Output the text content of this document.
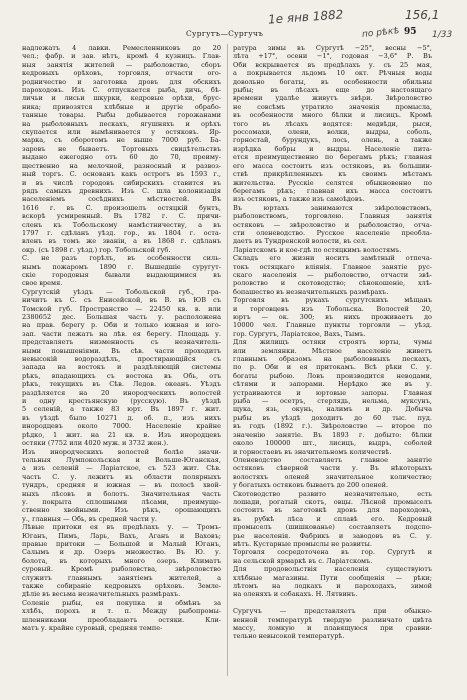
1е янв 1882	156,1
по рѣкѣ	1/33
Сургутъ—Сургучъ	95
надлежатъ 4 лавки. Ремесленниковъ до 20
чел.; фабр. и зав. нѣтъ, кромѣ 4 кузницъ. Глав-
ныя занятія жителей — рыболовство, сборъ
кедровыхъ орѣховъ, торговля, отчасти ого-
родничество и заготовка дровъ для обскихъ
пароходовъ. Изъ С. отпускается рыба, дичь, бѣ-
личьи и лисьи шкурки, кедровые орѣхи, брус-
ника; привозятся хлѣбные и другіе обрабо-
танные товары. Рыбы добывается горожанами
на рыболовныхъ пескахъ, ягушняхъ и орѣхъ
скупается или вымѣнивается у остяковъ. Яр-
марка, съ оборотомъ не выше 7000 руб. Ба-
заровъ не бываетъ. Торговыхъ свидѣтельствъ
выдано ежегодно отъ 60 до 70, преиму-
щественно на мелочной, разносный и развоз-
ный торгъ. С. основанъ какъ острогъ въ 1593 г.,
и въ числѣ городовъ сибирскихъ ставится въ
рядъ самыхъ древнихъ. Изъ С. шла колонизація
населеніемъ сосѣднихъ мѣстностей. Въ
1616 г. въ С. произошелъ остяцкій бунтъ,
вскорѣ усмиренный. Въ 1782 г. С. причи-
сленъ къ Тобольскому намѣстничеству, а въ
1797 г. сдѣланъ уѣзд. гор., въ 1804 г. оста-
вленъ въ томъ же званіи, а въ 1868 г. сдѣланъ
окр. (съ 1898 г. уѣзд.) гор. Тобольской губ.
С. не разъ горѣлъ, въ особенности силь-
нымъ пожаромъ 1890 г. Вышедшіе суругут-
скіе городовыя бывали выдающимися въ
свое время.
Сургутскій уѣздъ — Тобольской губ., гра-
ничитъ къ С. съ Енисейской, въ В. въ ЮВ съ
Томской губ. Пространство — 22450 кв. в. или
2380652 дес. Большая часть у. расположена
на прав. берегу р. Оби и только южная и юго-
зап. части лежатъ на лѣв. ея берегу. Площадь у.
представляетъ низменность съ незначитель-
ными повышеніями. Въ сѣв. части проходитъ
невысокій водораздѣлъ, простирающійся съ
запада на востокъ и раздѣляющій системы
рѣкъ, впадающихъ съ востока въ Обь, отъ
рѣкъ, текущихъ въ Сѣв. Ледов. океанъ. Уѣздъ
раздѣляется на 20 инородческихъ волостей
и одну крестьянскую (русскую). Въ уѣздѣ
5 селеній, а также 83 юрт. Въ 1897 г. жит.
въ уѣздѣ было 10271 д. об. п., изъ нихъ
инородцевъ около 7000. Населеніе крайне
рѣдко, 1 жит. на 21 кв. в. Изъ инородцевъ
остяки (7752 или 4020 муж. и 3732 жен.).
Изъ инородческихъ волостей болѣе значи-
тельныя Лумпокольская и Вольше-Юганская,
а изъ селеній — Ларіатское, съ 523 жит. Сѣв.
часть С. у. лежитъ въ области полярныхъ
тундръ, средняя и южная — въ полосѣ хвой-
ныхъ лѣсовъ и болотъ. Значительная часть
у. покрыта сплошными лѣсами, преимуще-
ственно хвойными. Изъ рѣкъ, орошающихъ
у., главныя — Обь, въ средней части у.
Лѣвые притоки ея въ предѣлахъ у. — Тромъ-
Юганъ, Пимъ, Ларь, Вахъ, Аганъ и Ваховъ;
правые притоки — Большой и Малый Юганъ,
Салымъ и др. Озеръ множество. Въ Ю. у.
болота, въ которыхъ много озеръ. Климатъ
суровый. Кромѣ рыболовства, звѣроловство
служитъ главнымъ занятіемъ жителей, а
также собираніе кедровыхъ орѣховъ. Земле-
дѣліе въ весьма незначительныхъ размѣрахъ.
Соленіе рыбы, ея покупка и обмѣнъ за
хлѣбъ, порохъ и т. п. Между рыбопромы-
шленниками преобладаютъ остяки. Кли-
матъ у. крайне суровый, средняя темпе-
ратура зимы въ Сургутѣ −25°, весны −5°,
лѣта +17°, осени −1°, годовая −3,6° Р. Въ
Оби вскрывается въ предѣлахъ у. съ 25 мая,
а покрывается льдомъ 10 окт. Рѣчныя воды
довольно богаты, въ особенности обильны
рыбы; въ лѣсахъ еще до настоящаго
времени удалѣе живутъ звѣри. Звѣроловство
не совсѣмъ утратило значенія промысла,
въ особенности много бѣлки и лисицъ. Кромѣ
того въ лѣсахъ водятся: медвѣди, рыси,
россомахи, олени, волки, выдры, соболь,
горностай, бурундукъ, лось, олень, а также
изрѣдка бобры и выдры. Населеніе пита-
ется преимущественно по берегамъ рѣкъ; главная
его масса состоитъ изъ остяковъ, въ большин-
ствѣ прикрѣпленныхъ къ своимъ мѣстамъ
жительства. Русскіе селятся обыкновенно по
берегамъ рѣкъ; главная ихъ масса состоитъ
изъ остяковъ, а также изъ самоѣдовъ.
Въ юртахъ занимаются звѣроловствомъ,
рыболовствомъ, торговлею. Главныя занятія
остяковъ — звѣроловство и рыболовство, отча-
сти оленеводство. Русское населеніе преобла-
даетъ въ Тундренской волости, въ сел.
Ларіатскомъ и кое-гдѣ по остяцкимъ волостямъ.
Складъ его жизни носитъ замѣтный отпеча-
токъ остяцкаго вліянія. Главное занятіе рус-
скаго населенія — рыболовство, отчасти звѣ-
роловство и скотоводство; сѣнокошеніе, хлѣ-
бопашество въ незначительныхъ размѣрахъ.
Торговля въ рукахъ сургутскихъ мѣщанъ
и торговцевъ изъ Тобольска. Волостей 20,
юртъ — ок. 300; въ нихъ проживаетъ до
10000 чел. Главные пункты торговли — уѣзд.
гор. Сургутъ, Ларіатское, Вахъ, Тымъ.
Для жилищъ остяки строятъ юрты, чумы
или землянки. Мѣстное населеніе живетъ
главнымъ образомъ на рыболовныхъ пескахъ,
по р. Оби и ея притокамъ. Всѣ рѣки С. у.
богаты рыбою. Ловъ производится неводами,
сѣтями и запорами. Нерѣдко же въ у.
устраиваются и юртовые запоры. Главная
рыба — осетръ, стерлядь, нельма, муксунъ,
щука, язь, окунь, налимъ и др. Добыча
рыбы въ уѣздѣ доходитъ до 60 тыс. пуд.
въ годъ (1892 г.). Звѣроловство — второе по
значенію занятіе. Въ 1893 г. добыто: бѣлки
около 100000 шт., лисицъ, выдръ, соболей
и горностаевъ въ значительномъ количествѣ.
Оленеводство составляетъ главное занятіе
остяковъ сѣверной части у. Въ нѣкоторыхъ
волостяхъ оленей значительное количество;
у богатыхъ остяковъ бываетъ до 200 оленей.
Скотоводство развито незначительно, есть
лошади, рогатый скотъ, овцы. Лѣсной промыселъ
состоитъ въ заготовкѣ дровъ для пароходовъ,
въ рубкѣ лѣса и сплавѣ его. Кедровый
промыселъ (шишкованье) составляетъ подспо-
рье населенія. Фабрикъ и заводовъ въ С. у.
нѣтъ. Кустарные промыслы не развиты.
Торговля сосредоточена въ гор. Сургутѣ и
на сельской ярмаркѣ въ с. Ларіатскомъ.
Для продовольствія населенія существуютъ
хлѣбные магазины. Пути сообщенія — рѣки;
лѣтомъ на лодкахъ и пароходахъ, зимой
на оленяхъ и собакахъ. Н. Лятвинъ.
Сургучъ — представляетъ при обыкно-
венной температурѣ твердую разлинчато цвѣта
массу, ломкую и плавящуюся при сравни-
тельно невысокой температурѣ.
